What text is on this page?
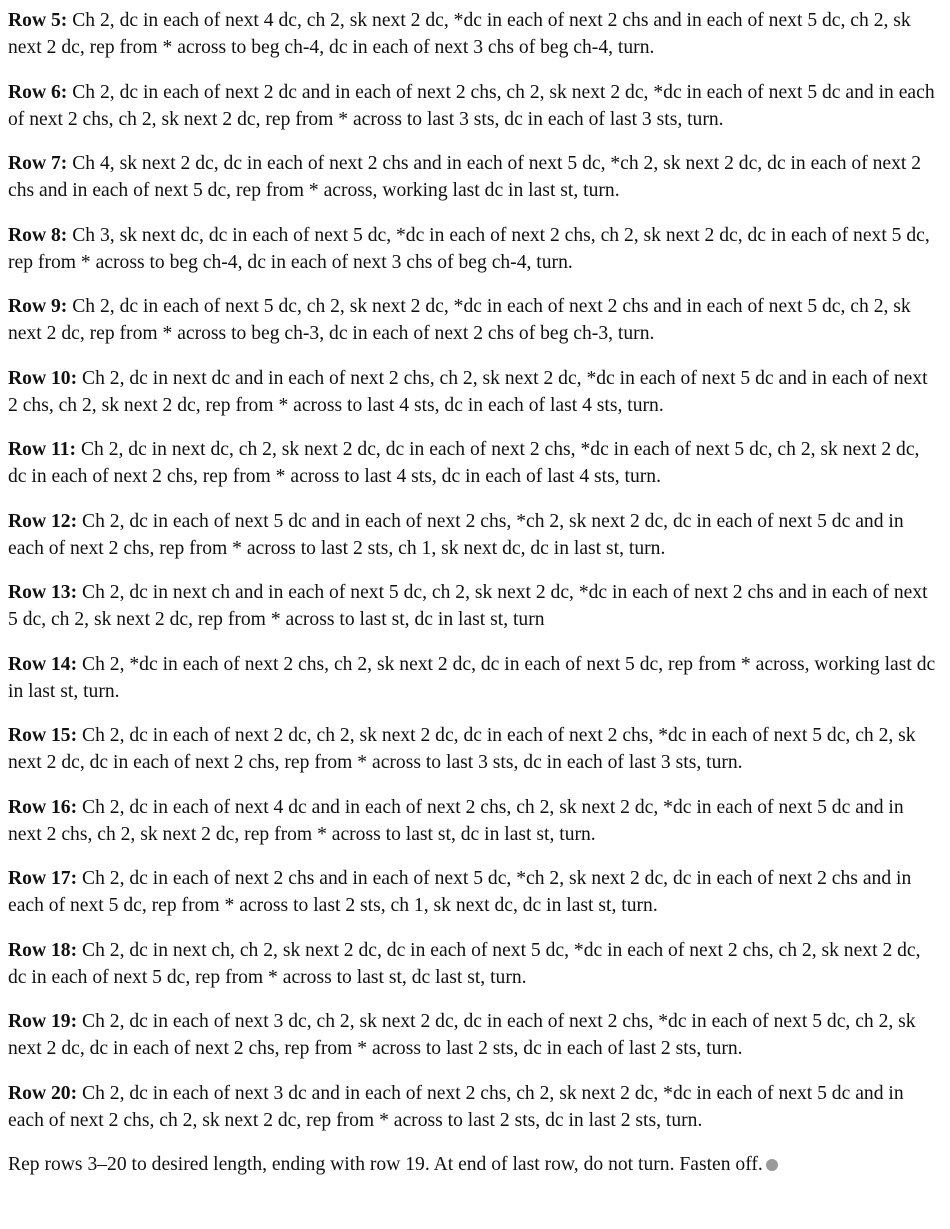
Row 5: Ch 2, dc in each of next 4 dc, ch 2, sk next 2 dc, *dc in each of next 2 chs and in each of next 5 dc, ch 2, sk next 2 dc, rep from * across to beg ch-4, dc in each of next 3 chs of beg ch-4, turn.

Row 6: Ch 2, dc in each of next 2 dc and in each of next 2 chs, ch 2, sk next 2 dc, *dc in each of next 5 dc and in each of next 2 chs, ch 2, sk next 2 dc, rep from * across to last 3 sts, dc in each of last 3 sts, turn.

Row 7: Ch 4, sk next 2 dc, dc in each of next 2 chs and in each of next 5 dc, *ch 2, sk next 2 dc, dc in each of next 2 chs and in each of next 5 dc, rep from * across, working last dc in last st, turn.

Row 8: Ch 3, sk next dc, dc in each of next 5 dc, *dc in each of next 2 chs, ch 2, sk next 2 dc, dc in each of next 5 dc, rep from * across to beg ch-4, dc in each of next 3 chs of beg ch-4, turn.

Row 9: Ch 2, dc in each of next 5 dc, ch 2, sk next 2 dc, *dc in each of next 2 chs and in each of next 5 dc, ch 2, sk next 2 dc, rep from * across to beg ch-3, dc in each of next 2 chs of beg ch-3, turn.

Row 10: Ch 2, dc in next dc and in each of next 2 chs, ch 2, sk next 2 dc, *dc in each of next 5 dc and in each of next 2 chs, ch 2, sk next 2 dc, rep from * across to last 4 sts, dc in each of last 4 sts, turn.

Row 11: Ch 2, dc in next dc, ch 2, sk next 2 dc, dc in each of next 2 chs, *dc in each of next 5 dc, ch 2, sk next 2 dc, dc in each of next 2 chs, rep from * across to last 4 sts, dc in each of last 4 sts, turn.

Row 12: Ch 2, dc in each of next 5 dc and in each of next 2 chs, *ch 2, sk next 2 dc, dc in each of next 5 dc and in each of next 2 chs, rep from * across to last 2 sts, ch 1, sk next dc, dc in last st, turn.

Row 13: Ch 2, dc in next ch and in each of next 5 dc, ch 2, sk next 2 dc, *dc in each of next 2 chs and in each of next 5 dc, ch 2, sk next 2 dc, rep from * across to last st, dc in last st, turn

Row 14: Ch 2, *dc in each of next 2 chs, ch 2, sk next 2 dc, dc in each of next 5 dc, rep from * across, working last dc in last st, turn.

Row 15: Ch 2, dc in each of next 2 dc, ch 2, sk next 2 dc, dc in each of next 2 chs, *dc in each of next 5 dc, ch 2, sk next 2 dc, dc in each of next 2 chs, rep from * across to last 3 sts, dc in each of last 3 sts, turn.

Row 16: Ch 2, dc in each of next 4 dc and in each of next 2 chs, ch 2, sk next 2 dc, *dc in each of next 5 dc and in next 2 chs, ch 2, sk next 2 dc, rep from * across to last st, dc in last st, turn.

Row 17: Ch 2, dc in each of next 2 chs and in each of next 5 dc, *ch 2, sk next 2 dc, dc in each of next 2 chs and in each of next 5 dc, rep from * across to last 2 sts, ch 1, sk next dc, dc in last st, turn.

Row 18: Ch 2, dc in next ch, ch 2, sk next 2 dc, dc in each of next 5 dc, *dc in each of next 2 chs, ch 2, sk next 2 dc, dc in each of next 5 dc, rep from * across to last st, dc last st, turn.

Row 19: Ch 2, dc in each of next 3 dc, ch 2, sk next 2 dc, dc in each of next 2 chs, *dc in each of next 5 dc, ch 2, sk next 2 dc, dc in each of next 2 chs, rep from * across to last 2 sts, dc in each of last 2 sts, turn.

Row 20: Ch 2, dc in each of next 3 dc and in each of next 2 chs, ch 2, sk next 2 dc, *dc in each of next 5 dc and in each of next 2 chs, ch 2, sk next 2 dc, rep from * across to last 2 sts, dc in last 2 sts, turn.

Rep rows 3–20 to desired length, ending with row 19. At end of last row, do not turn. Fasten off.
